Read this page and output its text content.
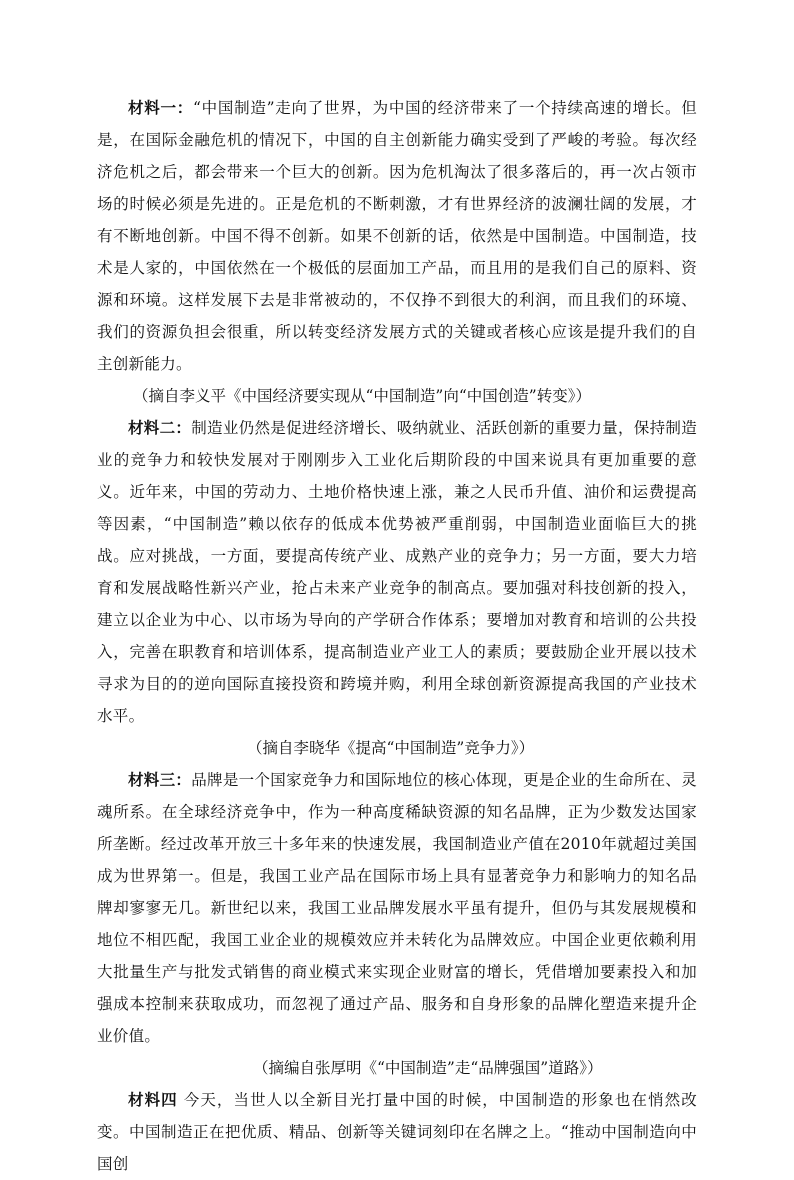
材料一：“中国制造”走向了世界，为中国的经济带来了一个持续高速的增长。但是，在国际金融危机的情况下，中国的自主创新能力确实受到了严峻的考验。每次经济危机之后，都会带来一个巨大的创新。因为危机淘汰了很多落后的，再一次占领市场的时候必须是先进的。正是危机的不断刺激，才有世界经济的波澜壮阔的发展，才有不断地创新。中国不得不创新。如果不创新的话，依然是中国制造。中国制造，技术是人家的，中国依然在一个极低的层面加工产品，而且用的是我们自己的原料、资源和环境。这样发展下去是非常被动的，不仅挣不到很大的利润，而且我们的环境、我们的资源负担会很重，所以转变经济发展方式的关键或者核心应该是提升我们的自主创新能力。

（摘自李义平《中国经济要实现从“中国制造”向“中国创造”转变》）

材料二：制造业仍然是促进经济增长、吸纳就业、活跃创新的重要力量，保持制造业的竞争力和较快发展对于刚刚步入工业化后期阶段的中国来说具有更加重要的意义。近年来，中国的劳动力、土地价格快速上涨，兼之人民币升值、油价和运费提高等因素，“中国制造”赖以依存的低成本优势被严重削弱，中国制造业面临巨大的挑战。应对挑战，一方面，要提高传统产业、成熟产业的竞争力；另一方面，要大力培育和发展战略性新兴产业，抢占未来产业竞争的制高点。要加强对科技创新的投入，建立以企业为中心、以市场为导向的产学研合作体系；要增加对教育和培训的公共投入，完善在职教育和培训体系，提高制造业产业工人的素质；要鼓励企业开展以技术寻求为目的的逆向国际直接投资和跨境并购，利用全球创新资源提高我国的产业技术水平。

（摘自李晓华《提高“中国制造”竞争力》）

材料三：品牌是一个国家竞争力和国际地位的核心体现，更是企业的生命所在、灵魂所系。在全球经济竞争中，作为一种高度稀缺资源的知名品牌，正为少数发达国家所垄断。经过改革开放三十多年来的快速发展，我国制造业产值在2010年就超过美国成为世界第一。但是，我国工业产品在国际市场上具有显著竞争力和影响力的知名品牌却寥寥无几。新世纪以来，我国工业品牌发展水平虽有提升，但仍与其发展规模和地位不相匹配，我国工业企业的规模效应并未转化为品牌效应。中国企业更依赖利用大批量生产与批发式销售的商业模式来实现企业财富的增长，凭借增加要素投入和加强成本控制来获取成功，而忽视了通过产品、服务和自身形象的品牌化塑造来提升企业价值。

（摘编自张厚明《“中国制造”走“品牌强国”道路》）

材料四 今天，当世人以全新目光打量中国的时候，中国制造的形象也在悄然改变。中国制造正在把优质、精品、创新等关键词刻印在名牌之上。“推动中国制造向中国创
